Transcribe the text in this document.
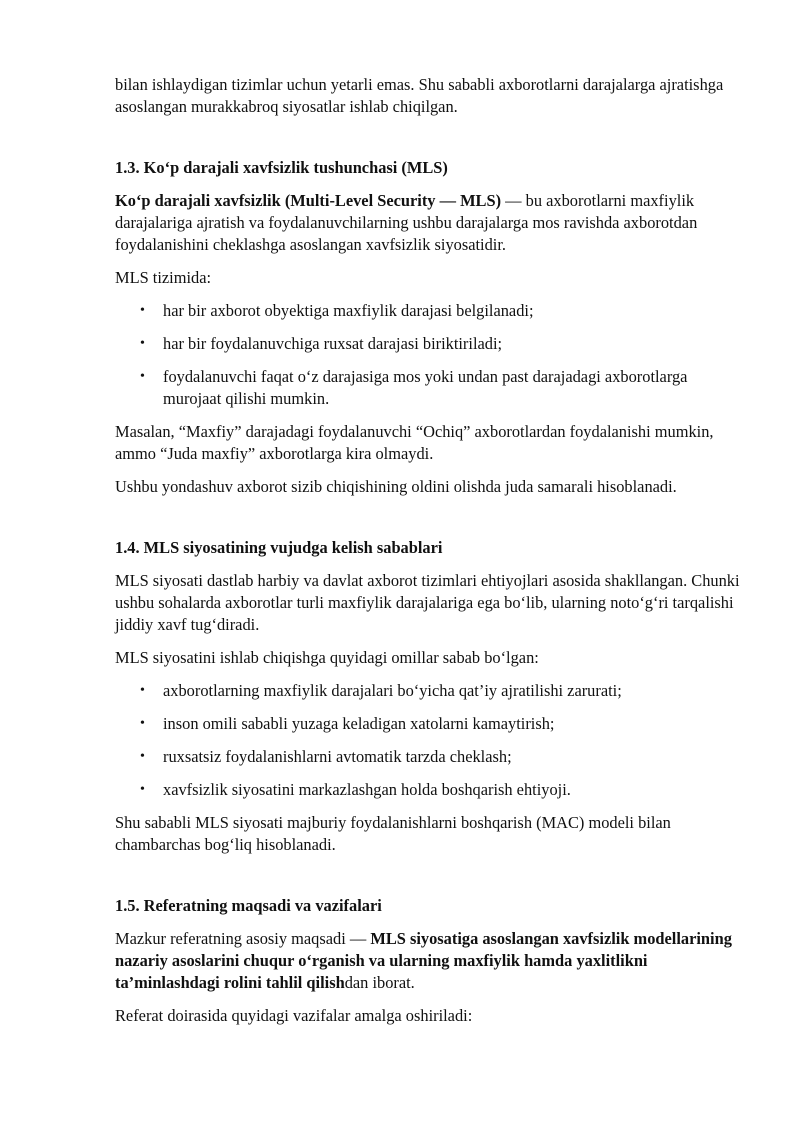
bilan ishlaydigan tizimlar uchun yetarli emas. Shu sababli axborotlarni darajalarga ajratishga asoslangan murakkabroq siyosatlar ishlab chiqilgan.

1.3. Ko‘p darajali xavfsizlik tushunchasi (MLS)

Ko‘p darajali xavfsizlik (Multi-Level Security — MLS) — bu axborotlarni maxfiylik darajalariga ajratish va foydalanuvchilarning ushbu darajalarga mos ravishda axborotdan foydalanishini cheklashga asoslangan xavfsizlik siyosatidir.

MLS tizimida:

• har bir axborot obyektiga maxfiylik darajasi belgilanadi;
• har bir foydalanuvchiga ruxsat darajasi biriktiriladi;
• foydalanuvchi faqat o‘z darajasiga mos yoki undan past darajadagi axborotlarga murojaat qilishi mumkin.

Masalan, “Maxfiy” darajadagi foydalanuvchi “Ochiq” axborotlardan foydalanishi mumkin, ammo “Juda maxfiy” axborotlarga kira olmaydi.

Ushbu yondashuv axborot sizib chiqishining oldini olishda juda samarali hisoblanadi.

1.4. MLS siyosatining vujudga kelish sabablari

MLS siyosati dastlab harbiy va davlat axborot tizimlari ehtiyojlari asosida shakllangan. Chunki ushbu sohalarda axborotlar turli maxfiylik darajalariga ega bo‘lib, ularning noto‘g‘ri tarqalishi jiddiy xavf tug‘diradi.

MLS siyosatini ishlab chiqishga quyidagi omillar sabab bo‘lgan:

• axborotlarning maxfiylik darajalari bo‘yicha qat’iy ajratilishi zarurati;
• inson omili sababli yuzaga keladigan xatolarni kamaytirish;
• ruxsatsiz foydalanishlarni avtomatik tarzda cheklash;
• xavfsizlik siyosatini markazlashgan holda boshqarish ehtiyoji.

Shu sababli MLS siyosati majburiy foydalanishlarni boshqarish (MAC) modeli bilan chambarchas bog‘liq hisoblanadi.

1.5. Referatning maqsadi va vazifalari

Mazkur referatning asosiy maqsadi — MLS siyosatiga asoslangan xavfsizlik modellarining nazariy asoslarini chuqur o‘rganish va ularning maxfiylik hamda yaxlitlikni ta’minlashdagi rolini tahlil qilishdan iborat.

Referat doirasida quyidagi vazifalar amalga oshiriladi:
